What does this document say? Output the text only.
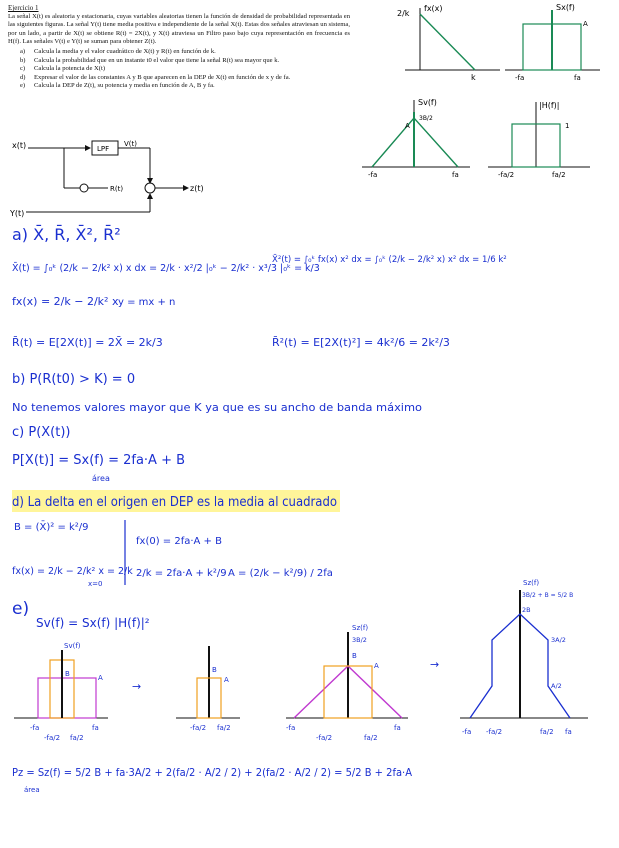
Ejercicio 1

La señal X(t) es aleatoria y estacionaria, cuyas variables aleatorias tienen la función de densidad de probabilidad representada en las siguientes figuras. La señal Y(t) tiene media positiva e independiente de la señal X(t). Estas dos señales atraviesan un sistema, por un lado, a partir de X(t) se obtiene R(t) = 2X(t), y X(t) atraviesa un Filtro paso bajo cuya representación en frecuencia es H(f). Las señales V(t) e Y(t) se suman para obtener Z(t).

a) Calcula la media y el valor cuadrático de X(t) y R(t) en función de k.
b) Calcula la probabilidad que en un instante t0 el valor que tiene la señal R(t) sea mayor que k.
c) Calcula la potencia de X(t)
d) Expresar el valor de las constantes A y B que aparecen en la DEP de X(t) en función de x y de fa.
e) Calcula la DEP de Z(t), su potencia y media en función de A, B y fa.
2/k
fx(x)
k
Sx(f)
A
-fa	fa
Sv(f)
3B/2
A
-fa	fa
|H(f)|
1
-fa/2	fa/2
x(t)	LPF
V(t)
R(t)	z(t)
Y(t)
a) X̄, R̄, X̄², R̄²
X̄(t) = ∫₀ᵏ (2/k − 2/k² x) x dx = 2/k · x²/2 |₀ᵏ − 2/k² · x³/3 |₀ᵏ = k/3
X̄²(t) = ∫₀ᵏ fx(x) x² dx = ∫₀ᵏ (2/k − 2/k² x) x² dx = 1/6 k²
fx(x) = 2/k − 2/k² x y = mx + n
R̄(t) = E[2X(t)] = 2X̄ = 2k/3	R̄²(t) = E[2X(t)²] = 4k²/6 = 2k²/3
b) P(R(t0) > K) = 0
No tenemos valores mayor que K ya que es su ancho de banda máximo
c) P(X(t))
P[X(t)] = Sx(f) = 2fa·A + B
área
d) La delta en el origen en DEP es la media al cuadrado
B = (X̄)² = k²/9
fx(x) = 2/k − 2/k² x = 2/k
x=0
fx(0) = 2fa·A + B
2/k = 2fa·A + k²/9 A = (2/k − k²/9) / 2fa
e)
Sv(f) = Sx(f) |H(f)|²
Sv(f)
B	A
-fa
-fa/2 fa/2
fa
→
B
A
-fa/2 fa/2
Sz(f)
3B/2
B
A
-fa
-fa/2	fa/2
fa
→
Sz(f)
3B/2 + B = 5/2 B
2B
3A/2
A/2
-fa -fa/2	fa/2 fa
Pz = Sz(f) = 5/2 B + fa·3A/2 + 2(fa/2 · A/2 / 2) + 2(fa/2 · A/2 / 2) = 5/2 B + 2fa·A
área
